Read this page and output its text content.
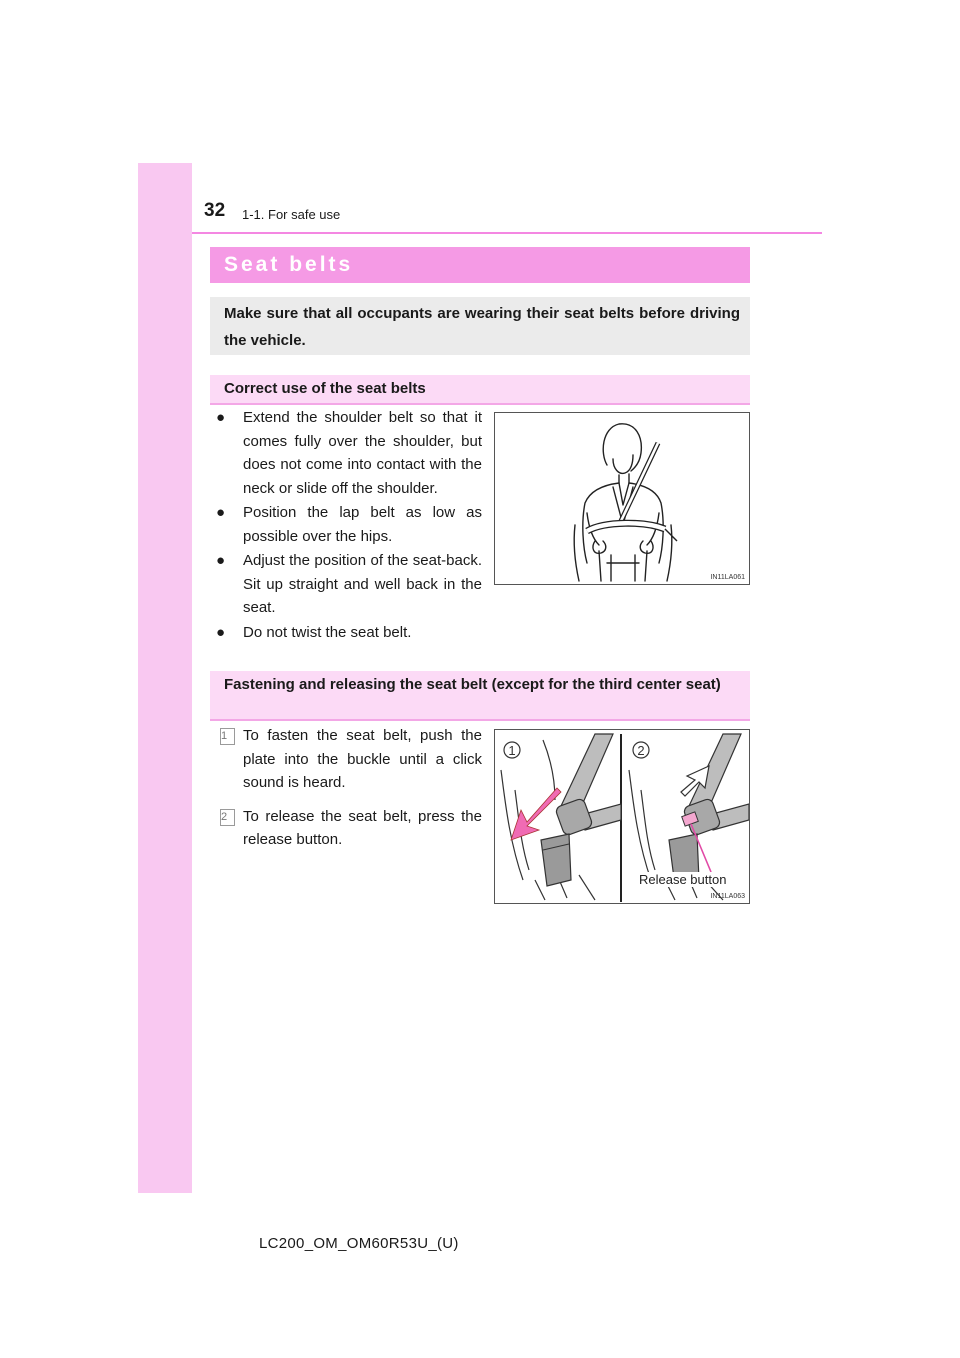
32 1-1. For safe use
Seat belts
Make sure that all occupants are wearing their seat belts before driving the vehicle.
Correct use of the seat belts
● Extend the shoulder belt so that it comes fully over the shoulder, but does not come into contact with the neck or slide off the shoulder.
● Position the lap belt as low as possible over the hips.
● Adjust the position of the seat-back. Sit up straight and well back in the seat.
● Do not twist the seat belt.
IN11LA061
Fastening and releasing the seat belt (except for the third center seat)
1	To fasten the seat belt, push the plate into the buckle until a click sound is heard.
2	To release the seat belt, press the release button.
1	2
Release button
IN11LA063
LC200_OM_OM60R53U_(U)
